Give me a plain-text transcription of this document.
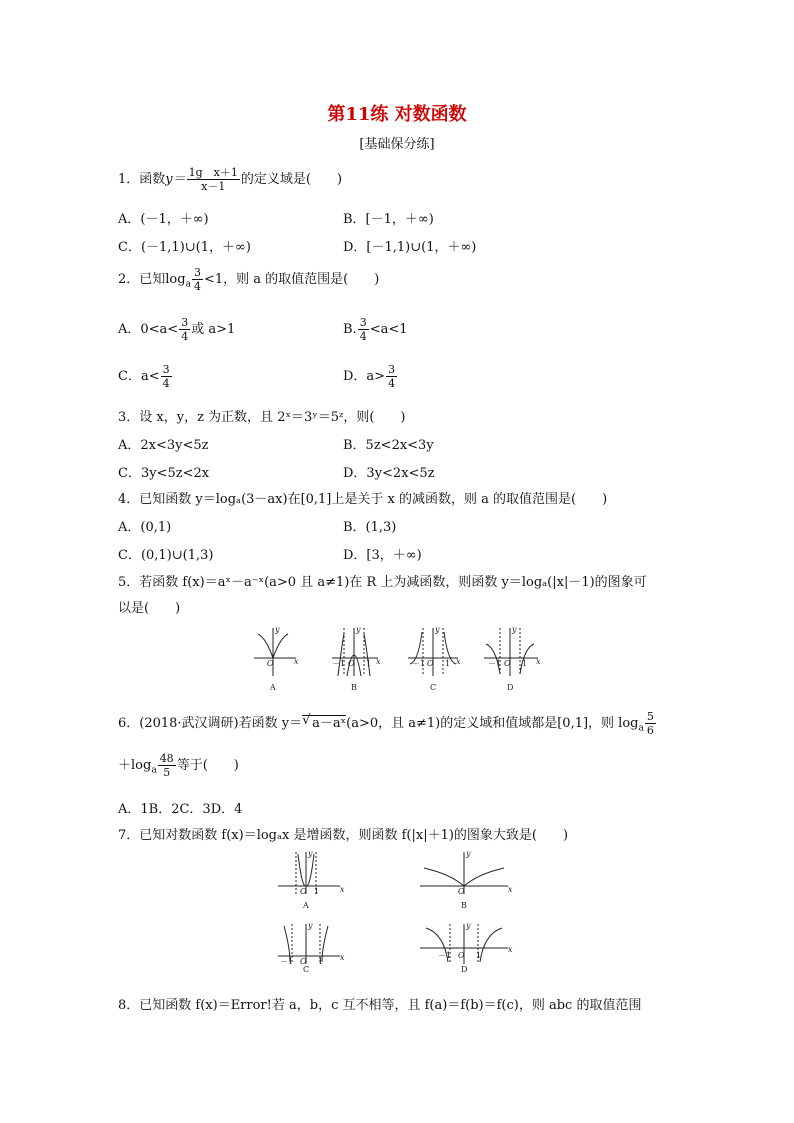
第11练 对数函数
[基础保分练]
1．函数$y= \frac{\text{1g　x＋1}}{x-1}$ 的定义域是(　　)
A．(－1，＋∞)	B．[－1，＋∞)
C．(－1,1)∪(1，＋∞)	D．[－1,1)∪(1，＋∞)
2．已知$\log_a \frac{3}{4} <1$，则 a 的取值范围是(　　)
A．$0<a< \frac{3}{4}$ 或 a>1	B. $\frac{3}{4} <a<1$
C．$a< \frac{3}{4}$	D．$a> \frac{3}{4}$
3．设 x，y，z 为正数，且 2ˣ＝3ʸ＝5ᶻ，则(　　)
A．2x<3y<5z	B．5z<2x<3y
C．3y<5z<2x	D．3y<2x<5z
4．已知函数 y＝logₐ(3－ax)在[0,1]上是关于 x 的减函数，则 a 的取值范围是(　　)
A．(0,1)	B．(1,3)
C．(0,1)∪(1,3)	D．[3，＋∞)
5．若函数 f(x)＝aˣ－a⁻ˣ(a>0 且 a≠1)在 R 上为减函数，则函数 y＝logₐ(|x|－1)的图象可
以是(　　)
x
y
O
A
x
y
O
－1	1
B
x
y
O
－1 1
C
x
y
O
－1	1
D
6．(2018·武汉调研)若函数 y＝ √ a－aˣ(a>0，且 a≠1)的定义域和值域都是[0,1]，则 $\log_a \frac{5}{6}$
$+\log_a \frac{48}{5}$ 等于(　　)
A．1B．2C．3D．4
7．已知对数函数 f(x)＝logₐx 是增函数，则函数 f(|x|＋1)的图象大致是(　　)
x
y
O 1
A
x
y
O
B
x
y
O
－1	1
C
x
y
O
－1	1
D
8．已知函数 f(x)＝Error!若 a，b，c 互不相等，且 f(a)＝f(b)＝f(c)，则 abc 的取值范围
